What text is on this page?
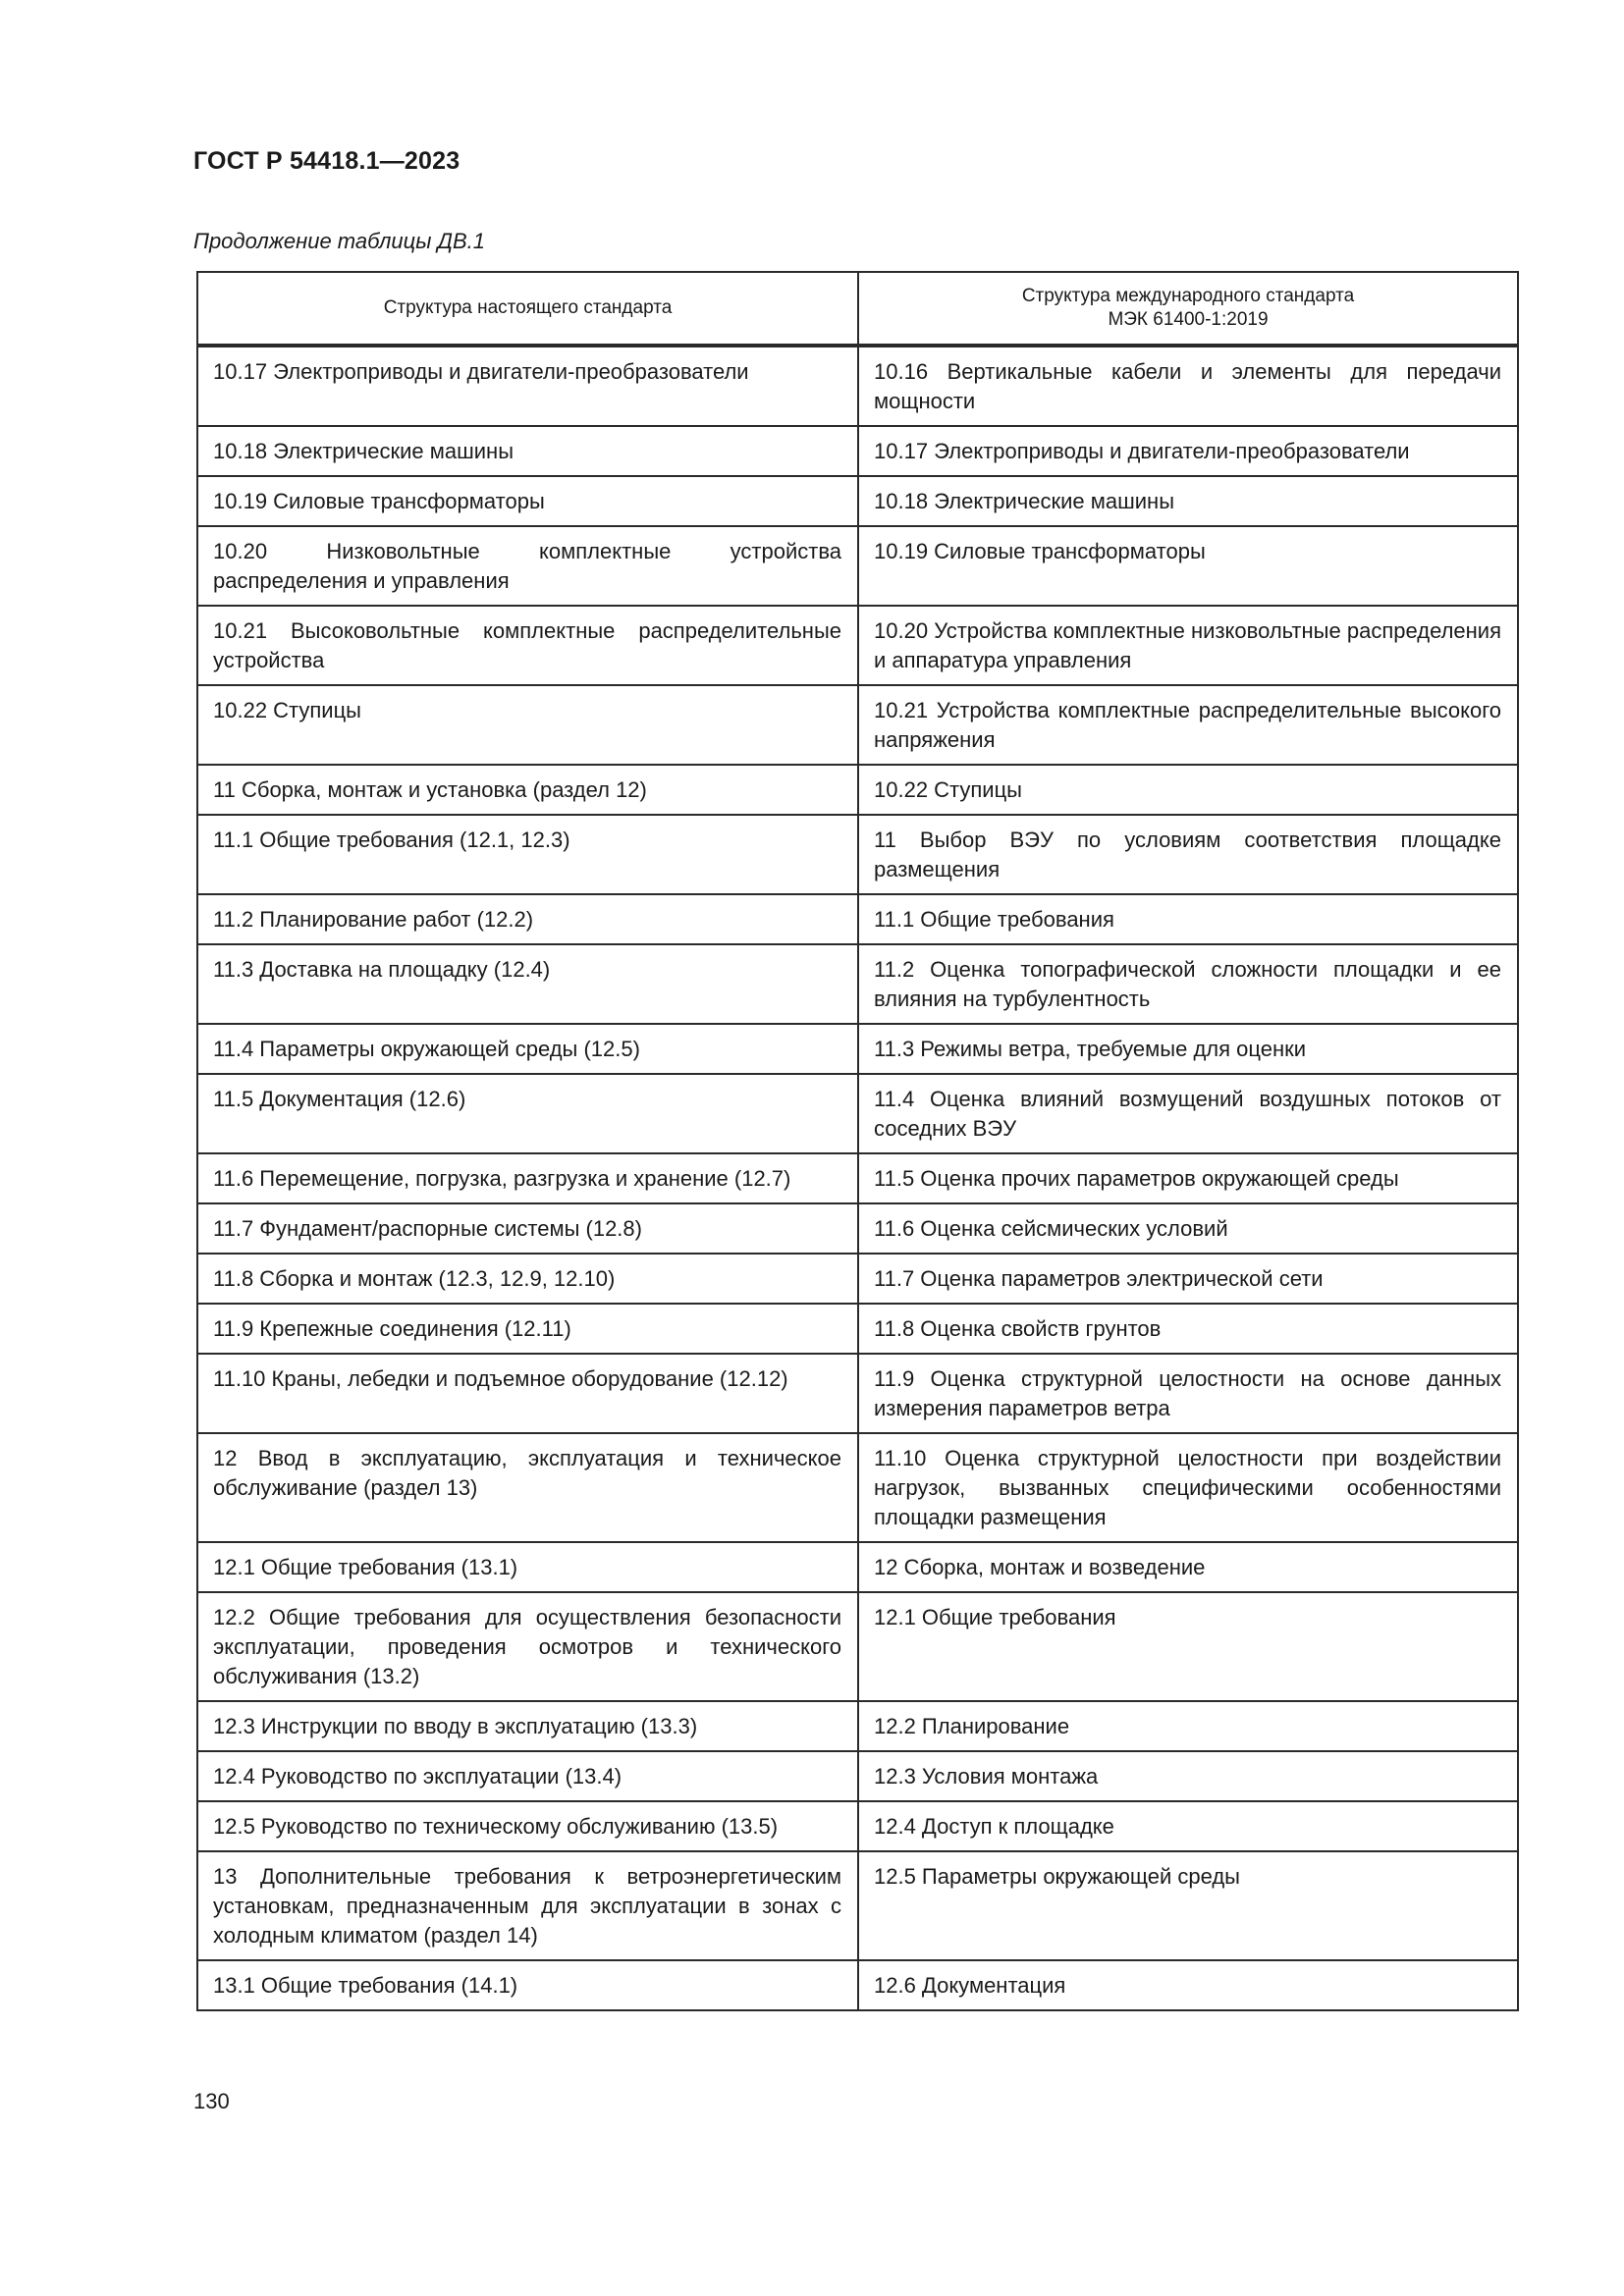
ГОСТ Р 54418.1—2023

Продолжение таблицы ДВ.1

Структура настоящего стандарта	Структура международного стандарта
МЭК 61400-1:2019

10.17 Электроприводы и двигатели-преобразователи	10.16 Вертикальные кабели и элементы для передачи мощности
10.18 Электрические машины	10.17 Электроприводы и двигатели-преобразователи
10.19 Силовые трансформаторы	10.18 Электрические машины
10.20 Низковольтные комплектные устройства распределения и управления	10.19 Силовые трансформаторы
10.21 Высоковольтные комплектные распределительные устройства	10.20 Устройства комплектные низковольтные распределения и аппаратура управления
10.22 Ступицы	10.21 Устройства комплектные распределительные высокого напряжения
11 Сборка, монтаж и установка (раздел 12)	10.22 Ступицы
11.1 Общие требования (12.1, 12.3)	11 Выбор ВЭУ по условиям соответствия площадке размещения
11.2 Планирование работ (12.2)	11.1 Общие требования
11.3 Доставка на площадку (12.4)	11.2 Оценка топографической сложности площадки и ее влияния на турбулентность
11.4 Параметры окружающей среды (12.5)	11.3 Режимы ветра, требуемые для оценки
11.5 Документация (12.6)	11.4 Оценка влияний возмущений воздушных потоков от соседних ВЭУ
11.6 Перемещение, погрузка, разгрузка и хранение (12.7)	11.5 Оценка прочих параметров окружающей среды
11.7 Фундамент/распорные системы (12.8)	11.6 Оценка сейсмических условий
11.8 Сборка и монтаж (12.3, 12.9, 12.10)	11.7 Оценка параметров электрической сети
11.9 Крепежные соединения (12.11)	11.8 Оценка свойств грунтов
11.10 Краны, лебедки и подъемное оборудование (12.12)	11.9 Оценка структурной целостности на основе данных измерения параметров ветра
12 Ввод в эксплуатацию, эксплуатация и техническое обслуживание (раздел 13)	11.10 Оценка структурной целостности при воздействии нагрузок, вызванных специфическими особенностями площадки размещения
12.1 Общие требования (13.1)	12 Сборка, монтаж и возведение
12.2 Общие требования для осуществления безопасности эксплуатации, проведения осмотров и технического обслуживания (13.2)	12.1 Общие требования
12.3 Инструкции по вводу в эксплуатацию (13.3)	12.2 Планирование
12.4 Руководство по эксплуатации (13.4)	12.3 Условия монтажа
12.5 Руководство по техническому обслуживанию (13.5)	12.4 Доступ к площадке
13 Дополнительные требования к ветроэнергетическим установкам, предназначенным для эксплуатации в зонах с холодным климатом (раздел 14)	12.5 Параметры окружающей среды
13.1 Общие требования (14.1)	12.6 Документация

130
